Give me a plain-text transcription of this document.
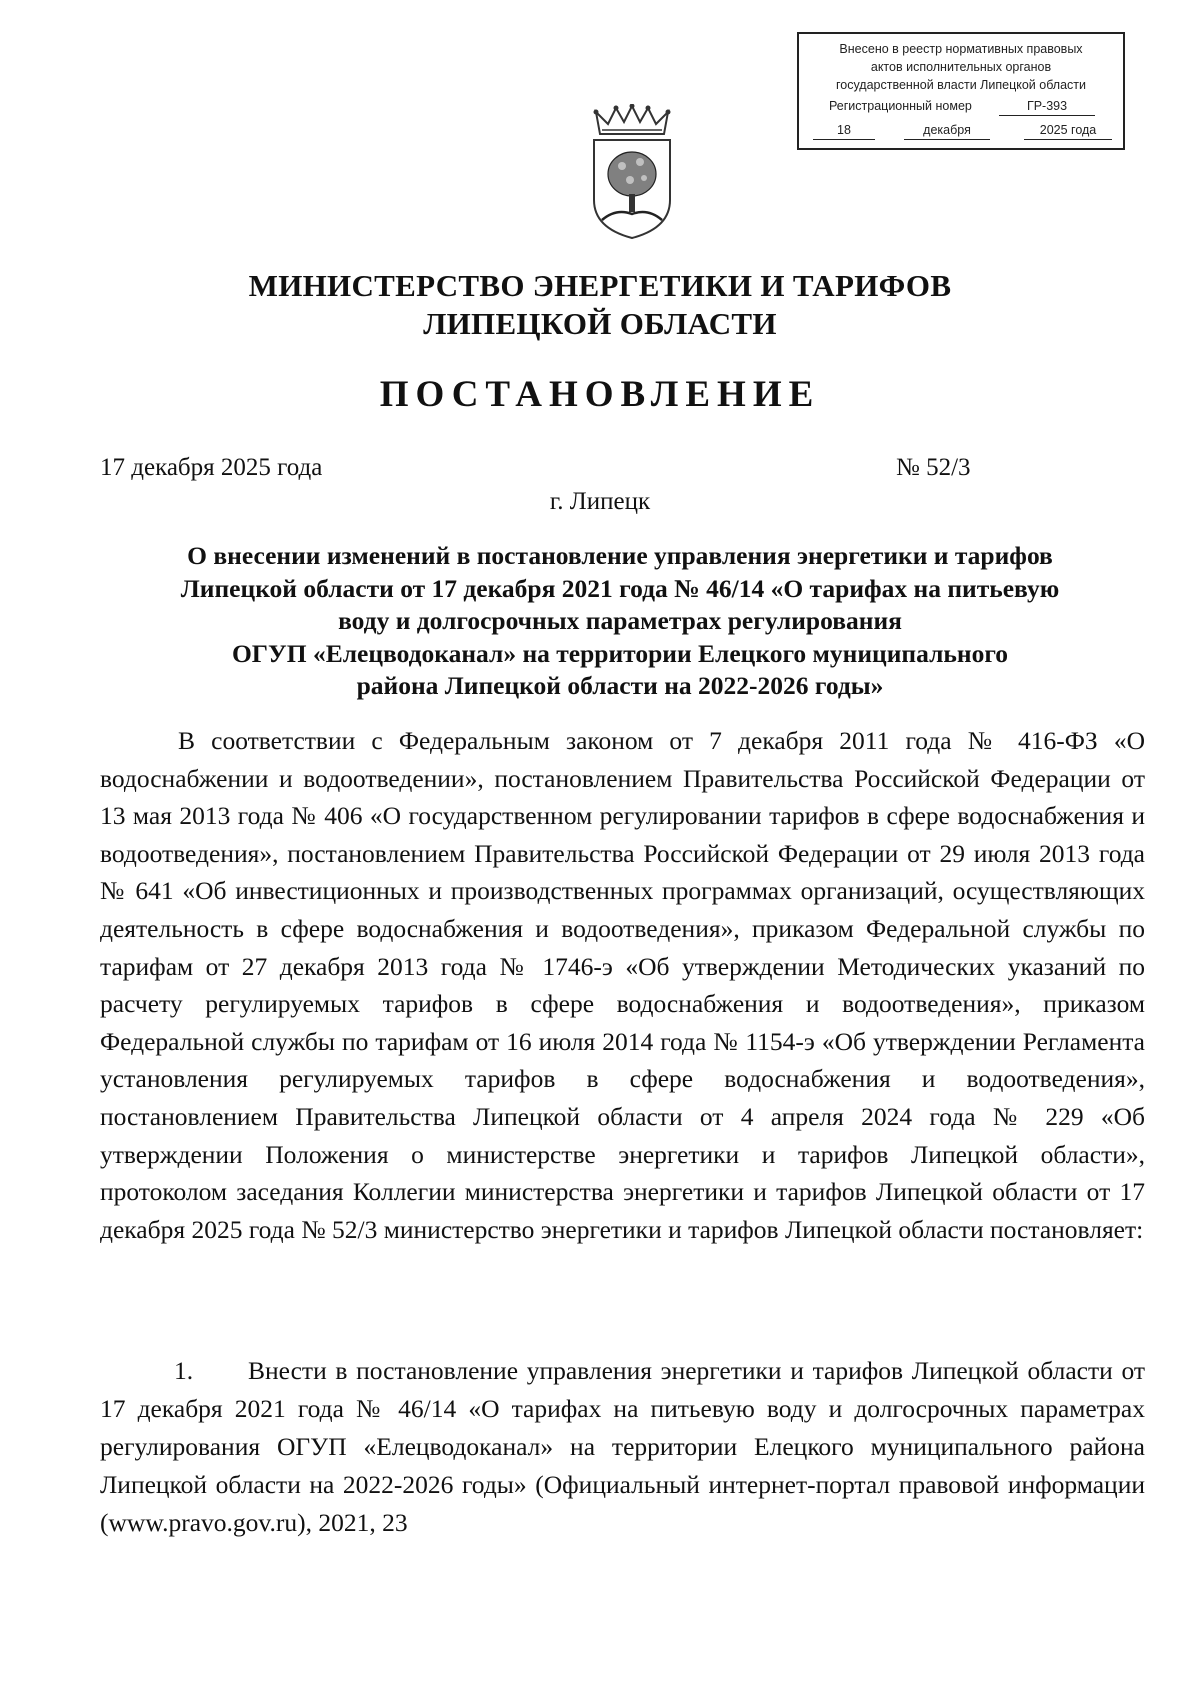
Внесено в реестр нормативных правовых
актов исполнительных органов
государственной власти Липецкой области
Регистрационный номер	ГР-393
18	декабря	2025 года
МИНИСТЕРСТВО ЭНЕРГЕТИКИ И ТАРИФОВ
ЛИПЕЦКОЙ ОБЛАСТИ
ПОСТАНОВЛЕНИЕ
17 декабря 2025 года	№ 52/3
г. Липецк
О внесении изменений в постановление управления энергетики и тарифов
Липецкой области от 17 декабря 2021 года № 46/14 «О тарифах на питьевую
воду и долгосрочных параметрах регулирования
ОГУП «Елецводоканал» на территории Елецкого муниципального
района Липецкой области на 2022-2026 годы»
В соответствии с Федеральным законом от 7 декабря 2011 года № 416-ФЗ «О водоснабжении и водоотведении», постановлением Правительства Российской Федерации от 13 мая 2013 года № 406 «О государственном регулировании тарифов в сфере водоснабжения и водоотведения», постановлением Правительства Российской Федерации от 29 июля 2013 года № 641 «Об инвестиционных и производственных программах организаций, осуществляющих деятельность в сфере водоснабжения и водоотведения», приказом Федеральной службы по тарифам от 27 декабря 2013 года № 1746-э «Об утверждении Методических указаний по расчету регулируемых тарифов в сфере водоснабжения и водоотведения», приказом Федеральной службы по тарифам от 16 июля 2014 года № 1154-э «Об утверждении Регламента установления регулируемых тарифов в сфере водоснабжения и водоотведения», постановлением Правительства Липецкой области от 4 апреля 2024 года № 229 «Об утверждении Положения о министерстве энергетики и тарифов Липецкой области», протоколом заседания Коллегии министерства энергетики и тарифов Липецкой области от 17 декабря 2025 года № 52/3 министерство энергетики и тарифов Липецкой области постановляет:
1. Внести в постановление управления энергетики и тарифов Липецкой области от 17 декабря 2021 года № 46/14 «О тарифах на питьевую воду и долгосрочных параметрах регулирования ОГУП «Елецводоканал» на территории Елецкого муниципального района Липецкой области на 2022-2026 годы» (Официальный интернет-портал правовой информации (www.pravo.gov.ru), 2021, 23
